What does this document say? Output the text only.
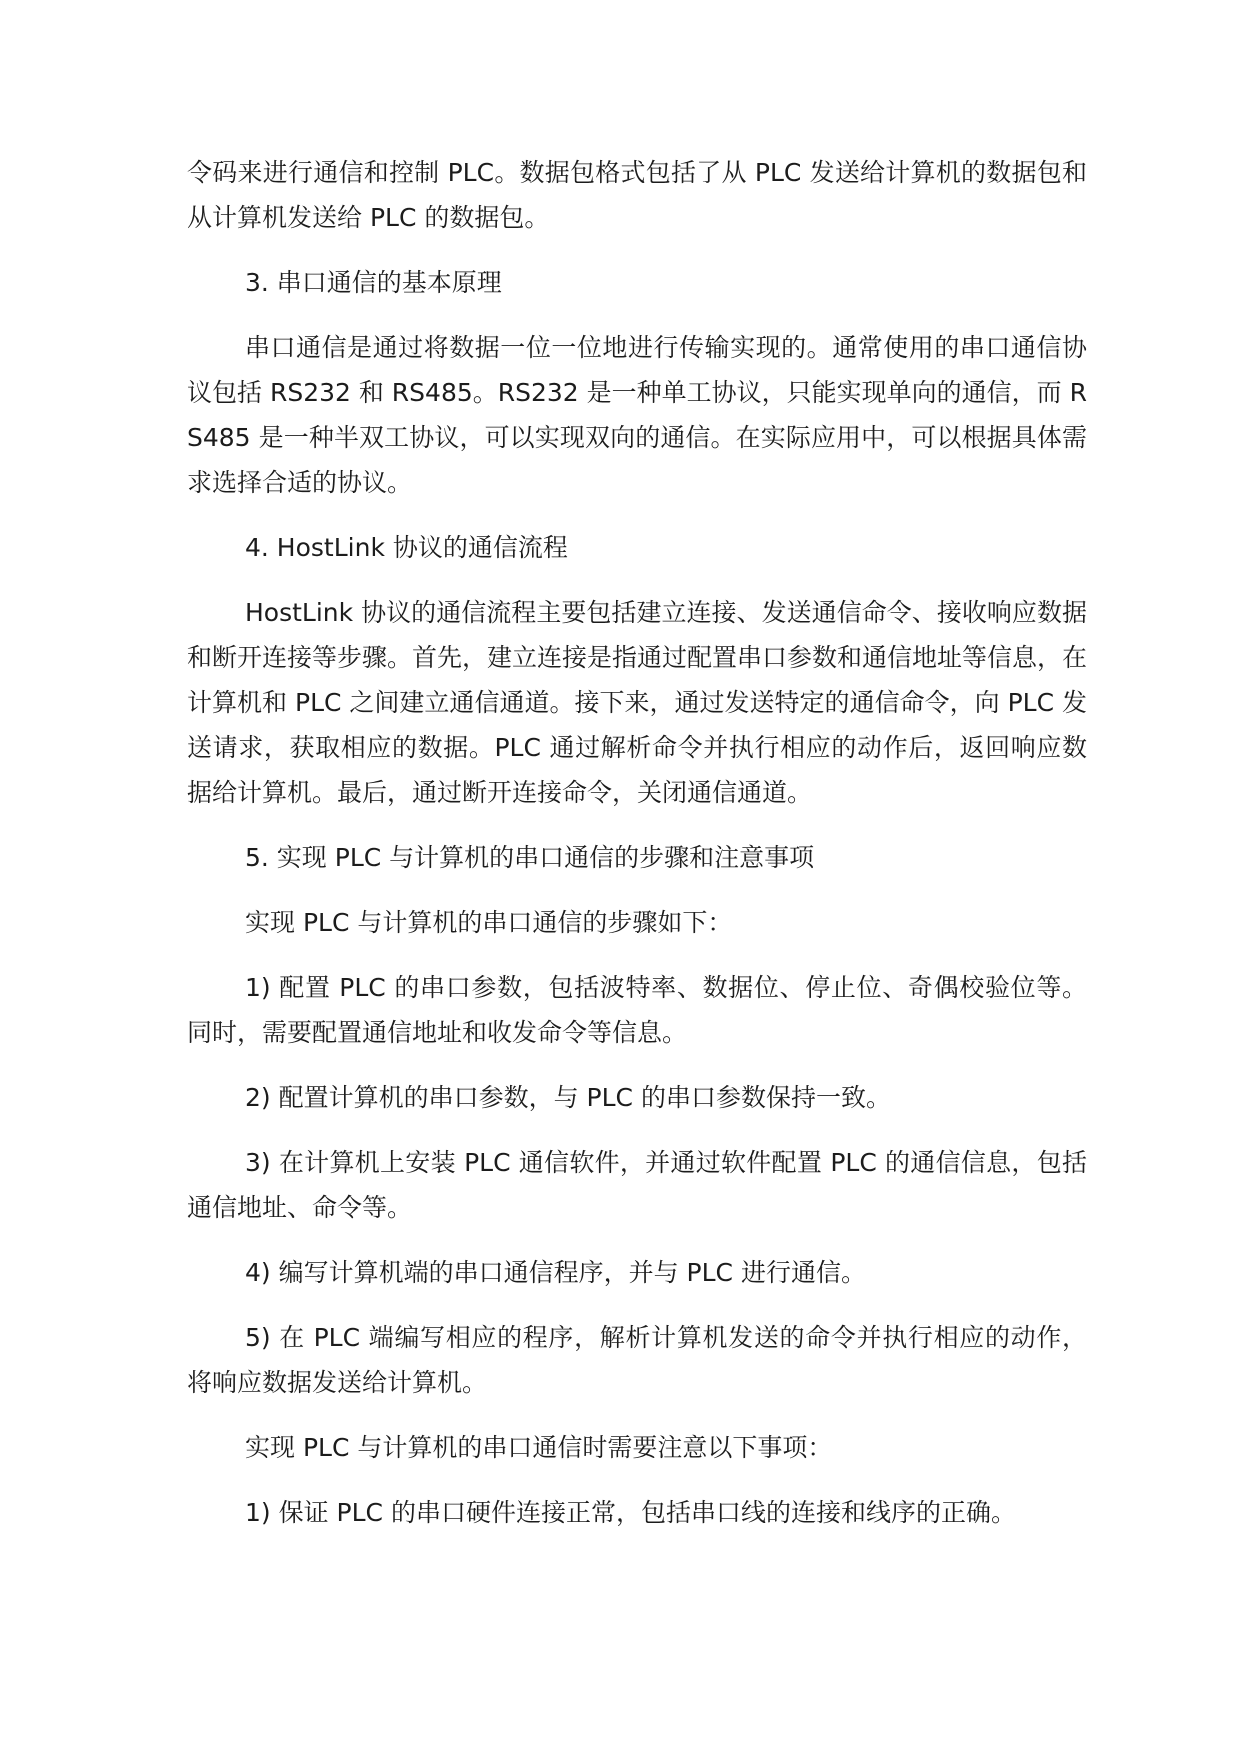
令码来进行通信和控制 PLC。数据包格式包括了从 PLC 发送给计算机的数据包和从计算机发送给 PLC 的数据包。

3. 串口通信的基本原理

串口通信是通过将数据一位一位地进行传输实现的。通常使用的串口通信协议包括 RS232 和 RS485。RS232 是一种单工协议，只能实现单向的通信，而 RS485 是一种半双工协议，可以实现双向的通信。在实际应用中，可以根据具体需求选择合适的协议。

4. HostLink 协议的通信流程

HostLink 协议的通信流程主要包括建立连接、发送通信命令、接收响应数据和断开连接等步骤。首先，建立连接是指通过配置串口参数和通信地址等信息，在计算机和 PLC 之间建立通信通道。接下来，通过发送特定的通信命令，向 PLC 发送请求，获取相应的数据。PLC 通过解析命令并执行相应的动作后，返回响应数据给计算机。最后，通过断开连接命令，关闭通信通道。

5. 实现 PLC 与计算机的串口通信的步骤和注意事项

实现 PLC 与计算机的串口通信的步骤如下：

1) 配置 PLC 的串口参数，包括波特率、数据位、停止位、奇偶校验位等。同时，需要配置通信地址和收发命令等信息。

2) 配置计算机的串口参数，与 PLC 的串口参数保持一致。

3) 在计算机上安装 PLC 通信软件，并通过软件配置 PLC 的通信信息，包括通信地址、命令等。

4) 编写计算机端的串口通信程序，并与 PLC 进行通信。

5) 在 PLC 端编写相应的程序，解析计算机发送的命令并执行相应的动作，将响应数据发送给计算机。

实现 PLC 与计算机的串口通信时需要注意以下事项：

1) 保证 PLC 的串口硬件连接正常，包括串口线的连接和线序的正确。
